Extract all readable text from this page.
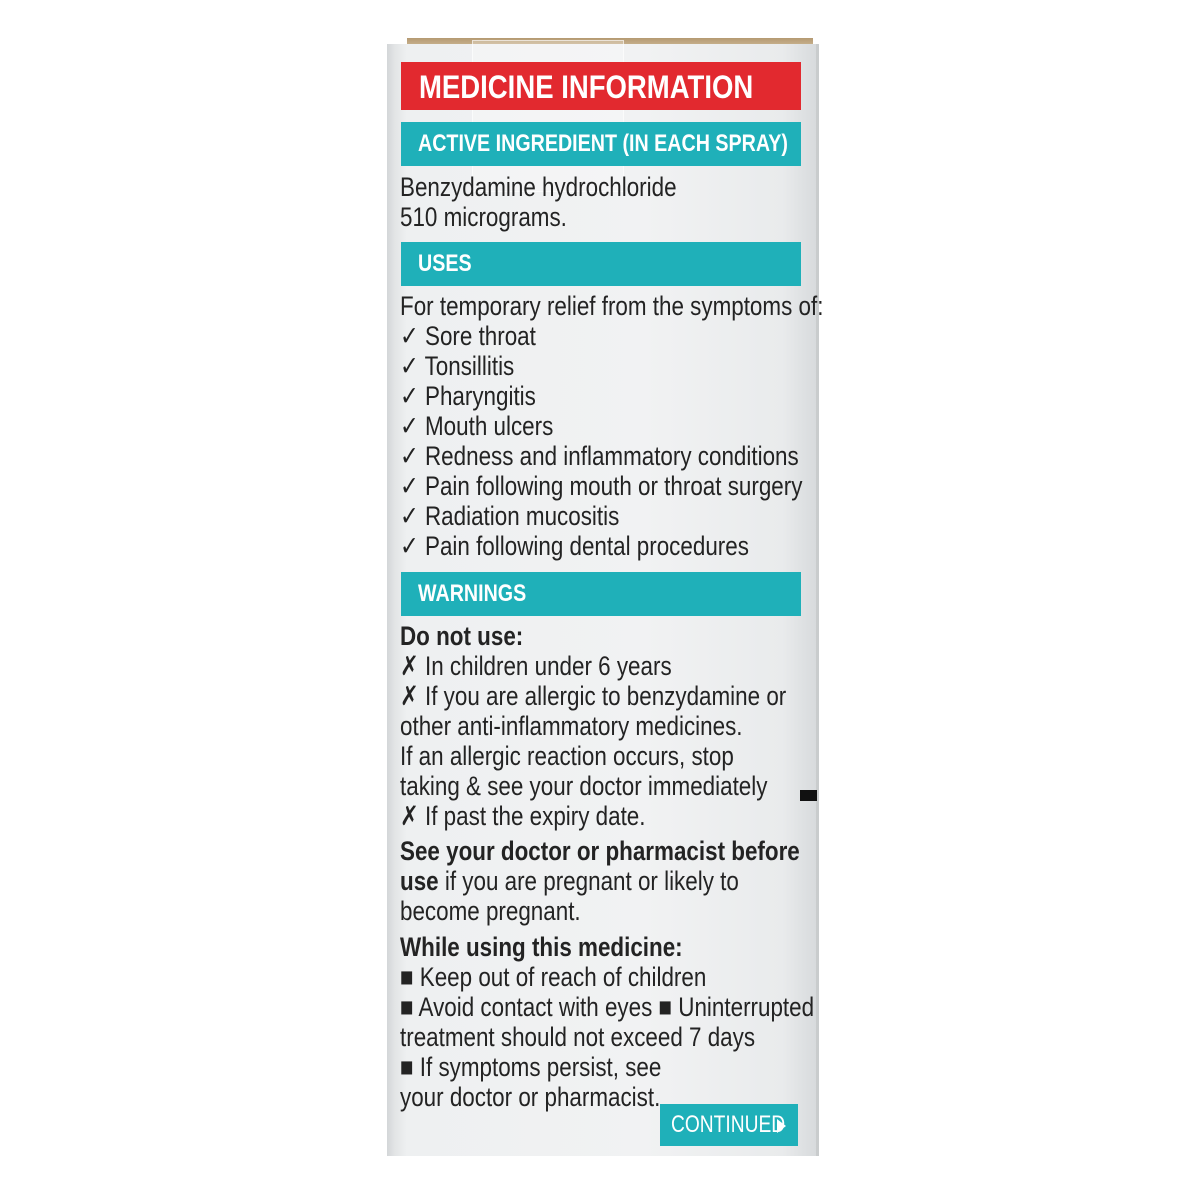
MEDICINE INFORMATION
ACTIVE INGREDIENT (IN EACH SPRAY)
Benzydamine hydrochloride
510 micrograms.
USES
For temporary relief from the symptoms of:
✓ Sore throat
✓ Tonsillitis
✓ Pharyngitis
✓ Mouth ulcers
✓ Redness and inflammatory conditions
✓ Pain following mouth or throat surgery
✓ Radiation mucositis
✓ Pain following dental procedures
WARNINGS
Do not use:
✗ In children under 6 years
✗ If you are allergic to benzydamine or
other anti-inflammatory medicines.
If an allergic reaction occurs, stop
taking & see your doctor immediately
✗ If past the expiry date.
See your doctor or pharmacist before
use if you are pregnant or likely to
become pregnant.
While using this medicine:
■ Keep out of reach of children
■ Avoid contact with eyes ■ Uninterrupted
treatment should not exceed 7 days
■ If symptoms persist, see
your doctor or pharmacist.
CONTINUED
